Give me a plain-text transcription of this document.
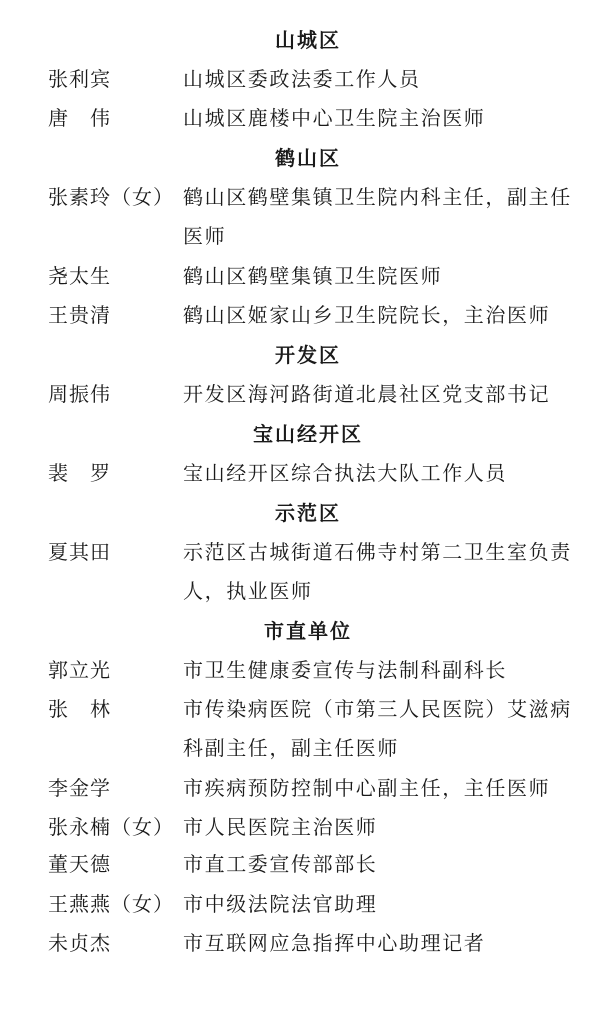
山城区
张利宾	山城区委政法委工作人员
唐　伟	山城区鹿楼中心卫生院主治医师
鹤山区
张素玲（女） 鹤山区鹤壁集镇卫生院内科主任，副主任医师
尧太生	鹤山区鹤壁集镇卫生院医师
王贵清	鹤山区姬家山乡卫生院院长，主治医师
开发区
周振伟	开发区海河路街道北晨社区党支部书记
宝山经开区
裴　罗	宝山经开区综合执法大队工作人员
示范区
夏其田	示范区古城街道石佛寺村第二卫生室负责人，执业医师
市直单位
郭立光	市卫生健康委宣传与法制科副科长
张　林	市传染病医院（市第三人民医院）艾滋病科副主任，副主任医师
李金学	市疾病预防控制中心副主任，主任医师
张永楠（女） 市人民医院主治医师
董天德	市直工委宣传部部长
王燕燕（女） 市中级法院法官助理
未贞杰	市互联网应急指挥中心助理记者
